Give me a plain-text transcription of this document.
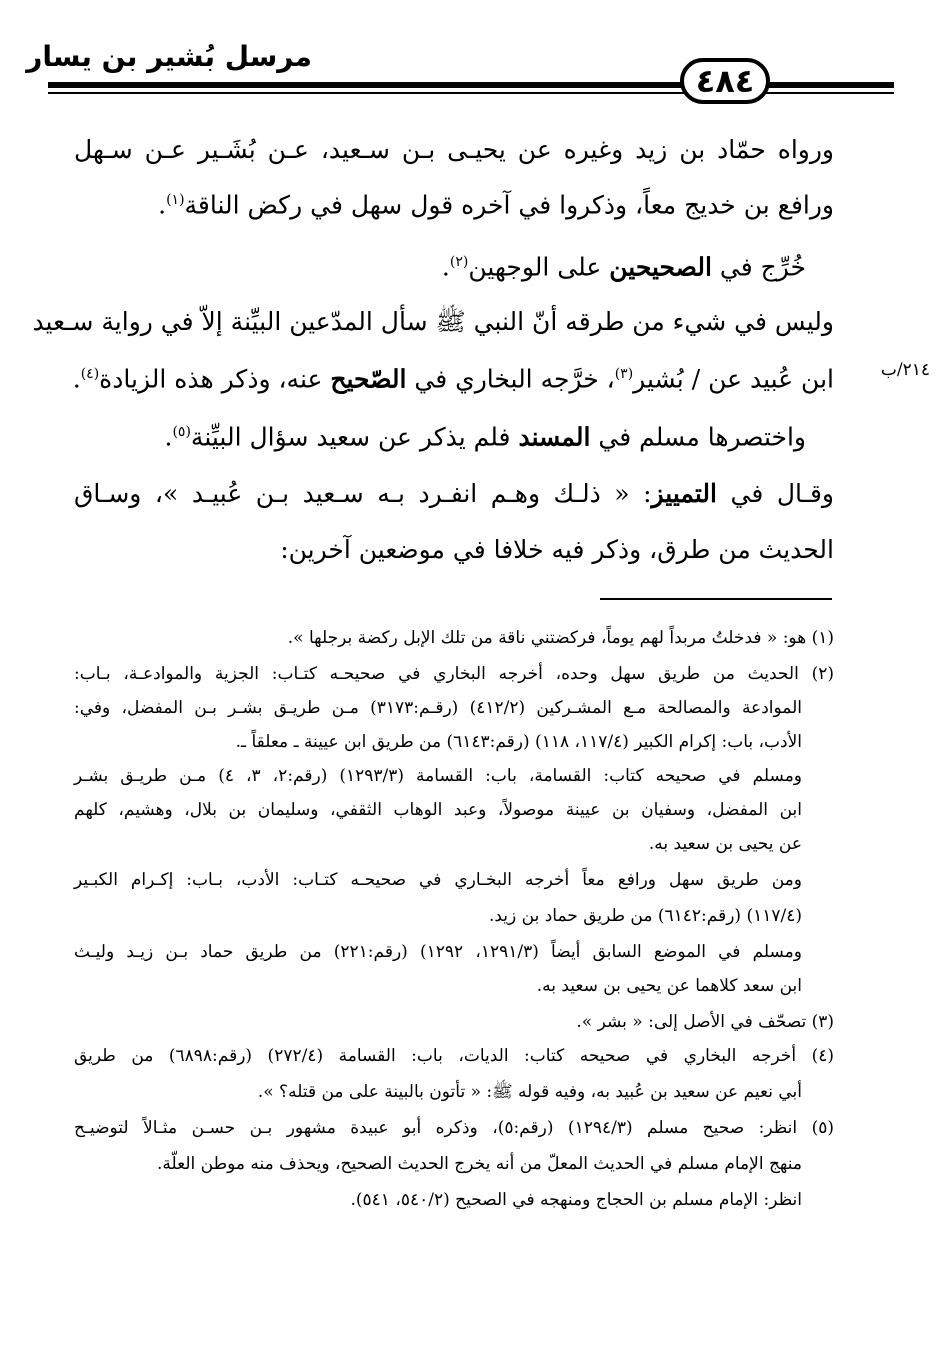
مرسل بُشير بن يسار
٤٨٤
ورواه حمّاد بن زيد وغيره عن يحيـى بـن سـعيد، عـن بُشَـير عـن سـهل
ورافع بن خديج معاً، وذكروا في آخره قول سهل في ركض الناقة$^{(١)}$.
خُرِّج في الصحيحين على الوجهين$^{(٢)}$.
وليس في شيء من طرقه أنّ النبي ﷺ سأل المدّعين البيِّنة إلاّ في رواية سـعيد
٢١٤/ب
ابن عُبيد عن / بُشير$^{(٣)}$، خرَّجه البخاري في الصّحيح عنه، وذكر هذه الزيادة$^{(٤)}$.
واختصرها مسلم في المسند فلم يذكر عن سعيد سؤال البيِّنة$^{(٥)}$.
وقـال في التمييز: « ذلـك وهـم انفـرد بـه سـعيد بـن عُبيـد »، وسـاق
الحديث من طرق، وذكر فيه خلافا في موضعين آخرين:
(١) هو: « فدخلتُ مربداً لهم يوماً، فركضتني ناقة من تلك الإبل ركضة برجلها ».
(٢) الحديث من طريق سهل وحده، أخرجه البخاري في صحيحـه كتـاب: الجزية والموادعـة، بـاب:
الموادعة والمصالحة مـع المشـركين (٤١٢/٢) (رقـم:٣١٧٣) مـن طريـق بشـر بـن المفضل، وفي:
الأدب، باب: إكرام الكبير (١١٧/٤، ١١٨) (رقم:٦١٤٣) من طريق ابن عيينة ـ معلقاً ـ.
ومسلم في صحيحه كتاب: القسامة، باب: القسامة (١٢٩٣/٣) (رقم:٢، ٣، ٤) مـن طريـق بشـر
ابن المفضل، وسفيان بن عيينة موصولاً، وعبد الوهاب الثقفي، وسليمان بن بلال، وهشيم، كلهم
عن يحيى بن سعيد به.
ومن طريق سهل ورافع معاً أخرجه البخـاري في صحيحـه كتـاب: الأدب، بـاب: إكـرام الكبـير
(١١٧/٤) (رقم:٦١٤٢) من طريق حماد بن زيد.
ومسلم في الموضع السابق أيضاً (١٢٩١/٣، ١٢٩٢) (رقم:٢٢١) من طريق حماد بـن زيـد وليـث
ابن سعد كلاهما عن يحيى بن سعيد به.
(٣) تصحّف في الأصل إلى: « بشر ».
(٤) أخرجه البخاري في صحيحه كتاب: الديات، باب: القسامة (٢٧٢/٤) (رقم:٦٨٩٨) من طريق
أبي نعيم عن سعيد بن عُبيد به، وفيه قوله ﷺ: « تأتون بالبينة على من قتله؟ ».
(٥) انظر: صحيح مسلم (١٢٩٤/٣) (رقم:٥)، وذكره أبو عبيدة مشهور بـن حسـن مثـالاً لتوضيـح
منهج الإمام مسلم في الحديث المعلّ من أنه يخرج الحديث الصحيح، ويحذف منه موطن العلّة.
انظر: الإمام مسلم بن الحجاج ومنهجه في الصحيح (٥٤٠/٢، ٥٤١).
